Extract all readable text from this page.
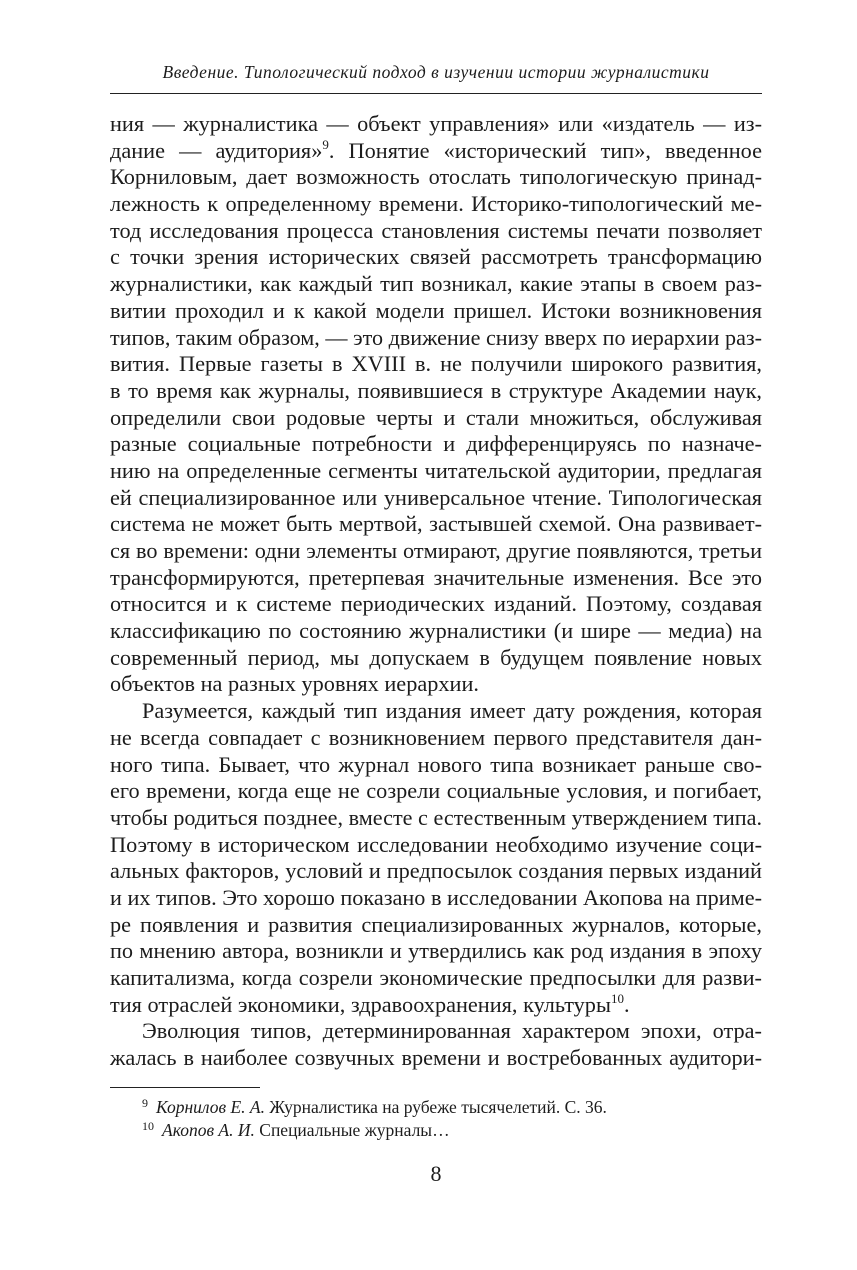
Введение. Типологический подход в изучении истории журналистики
ния — журналистика — объект управления» или «издатель — из-
дание — аудитория»$^9$. Понятие «исторический тип», введенное
Корниловым, дает возможность отослать типологическую принад-
лежность к определенному времени. Историко-типологический ме-
тод исследования процесса становления системы печати позволяет
с точки зрения исторических связей рассмотреть трансформацию
журналистики, как каждый тип возникал, какие этапы в своем раз-
витии проходил и к какой модели пришел. Истоки возникновения
типов, таким образом, — это движение снизу вверх по иерархии раз-
вития. Первые газеты в XVIII в. не получили широкого развития,
в то время как журналы, появившиеся в структуре Академии наук,
определили свои родовые черты и стали множиться, обслуживая
разные социальные потребности и дифференцируясь по назначе-
нию на определенные сегменты читательской аудитории, предлагая
ей специализированное или универсальное чтение. Типологическая
система не может быть мертвой, застывшей схемой. Она развивает-
ся во времени: одни элементы отмирают, другие появляются, третьи
трансформируются, претерпевая значительные изменения. Все это
относится и к системе периодических изданий. Поэтому, создавая
классификацию по состоянию журналистики (и шире — медиа) на
современный период, мы допускаем в будущем появление новых
объектов на разных уровнях иерархии.
Разумеется, каждый тип издания имеет дату рождения, которая
не всегда совпадает с возникновением первого представителя дан-
ного типа. Бывает, что журнал нового типа возникает раньше сво-
его времени, когда еще не созрели социальные условия, и погибает,
чтобы родиться позднее, вместе с естественным утверждением типа.
Поэтому в историческом исследовании необходимо изучение соци-
альных факторов, условий и предпосылок создания первых изданий
и их типов. Это хорошо показано в исследовании Акопова на приме-
ре появления и развития специализированных журналов, которые,
по мнению автора, возникли и утвердились как род издания в эпоху
капитализма, когда созрели экономические предпосылки для разви-
тия отраслей экономики, здравоохранения, культуры$^{10}$.
Эволюция типов, детерминированная характером эпохи, отра-
жалась в наиболее созвучных времени и востребованных аудитори-
$^9$ Корнилов Е. А. Журналистика на рубеже тысячелетий. С. 36.
$^{10}$ Акопов А. И. Специальные журналы…
8
